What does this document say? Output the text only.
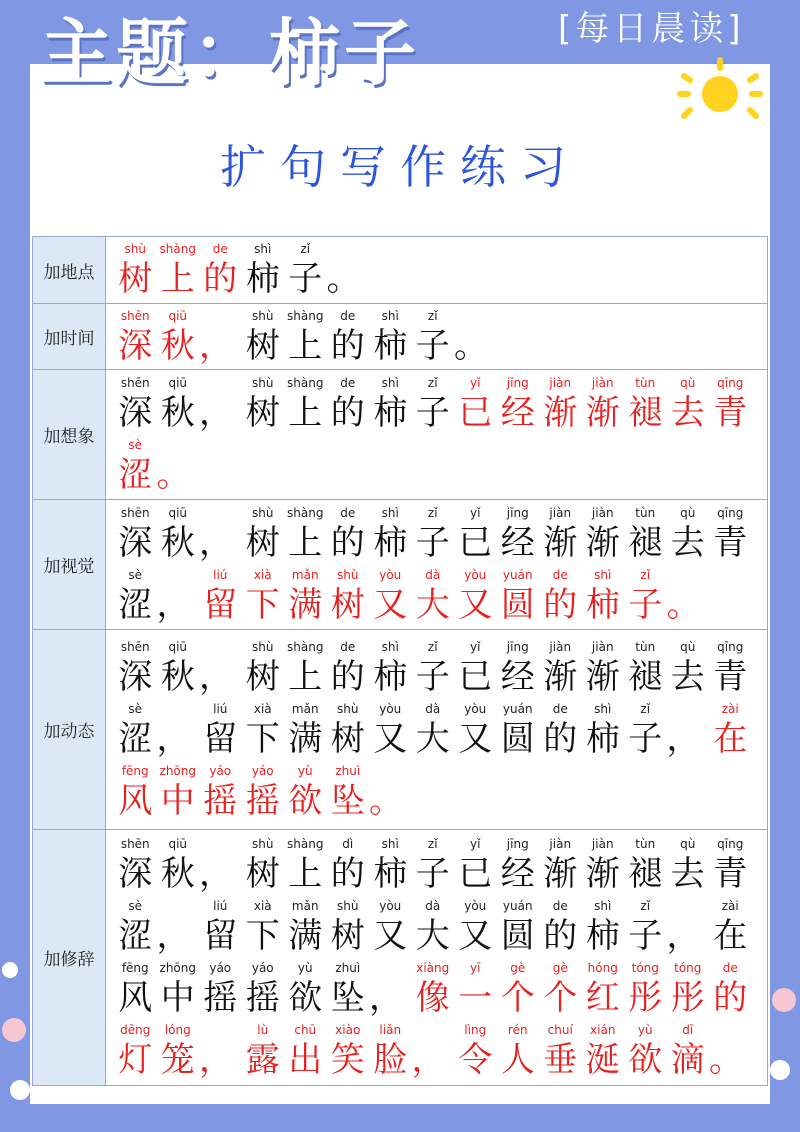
主题：柿子	[每日晨读]
扩句写作练习
加地点
shù
树
shàng
上
de
的
shì
柿
zǐ
子 。
加时间
shēn
深
qiū
秋 ，
shù
树
shàng
上
de
的
shì
柿
zǐ
子 。
加想象
shēn
深
qiū
秋 ，
shù
树
shàng
上
de
的
shì
柿
zǐ
子
yǐ
已
jīng
经
jiàn
渐
jiàn
渐
tùn
褪
qù
去
qīng
青
sè
涩 。
加视觉
shēn
深
qiū
秋 ，
shù
树
shàng
上
de
的
shì
柿
zǐ
子
yǐ
已
jīng
经
jiàn
渐
jiàn
渐
tùn
褪
qù
去
qīng
青
sè
涩 ，
liú
留
xià
下
mǎn
满
shù
树
yòu
又
dà
大
yòu
又
yuán
圆
de
的
shì
柿
zǐ
子 。
加动态
shēn
深
qiū
秋 ，
shù
树
shàng
上
de
的
shì
柿
zǐ
子
yǐ
已
jīng
经
jiàn
渐
jiàn
渐
tùn
褪
qù
去
qīng
青
sè
涩 ，
liú
留
xià
下
mǎn
满
shù
树
yòu
又
dà
大
yòu
又
yuán
圆
de
的
shì
柿
zǐ
子 ，
zài
在
fēng
风
zhōng
中
yáo
摇
yáo
摇
yù
欲
zhuì
坠 。
加修辞
shēn
深
qiū
秋 ，
shù
树
shàng
上
dì
的
shì
柿
zǐ
子
yǐ
已
jīng
经
jiàn
渐
jiàn
渐
tùn
褪
qù
去
qīng
青
sè
涩 ，
liú
留
xià
下
mǎn
满
shù
树
yòu
又
dà
大
yòu
又
yuán
圆
de
的
shì
柿
zǐ
子 ，
zài
在
fēng
风
zhōng
中
yáo
摇
yáo
摇
yù
欲
zhuì
坠 ，
xiàng
像
yī
一
gè
个
gè
个
hóng
红
tóng
彤
tóng
彤
de
的
dēng
灯
lóng
笼 ，
lù
露
chū
出
xiào
笑
liǎn
脸 ，
lìng
令
rén
人
chuí
垂
xián
涎
yù
欲
dī
滴 。
